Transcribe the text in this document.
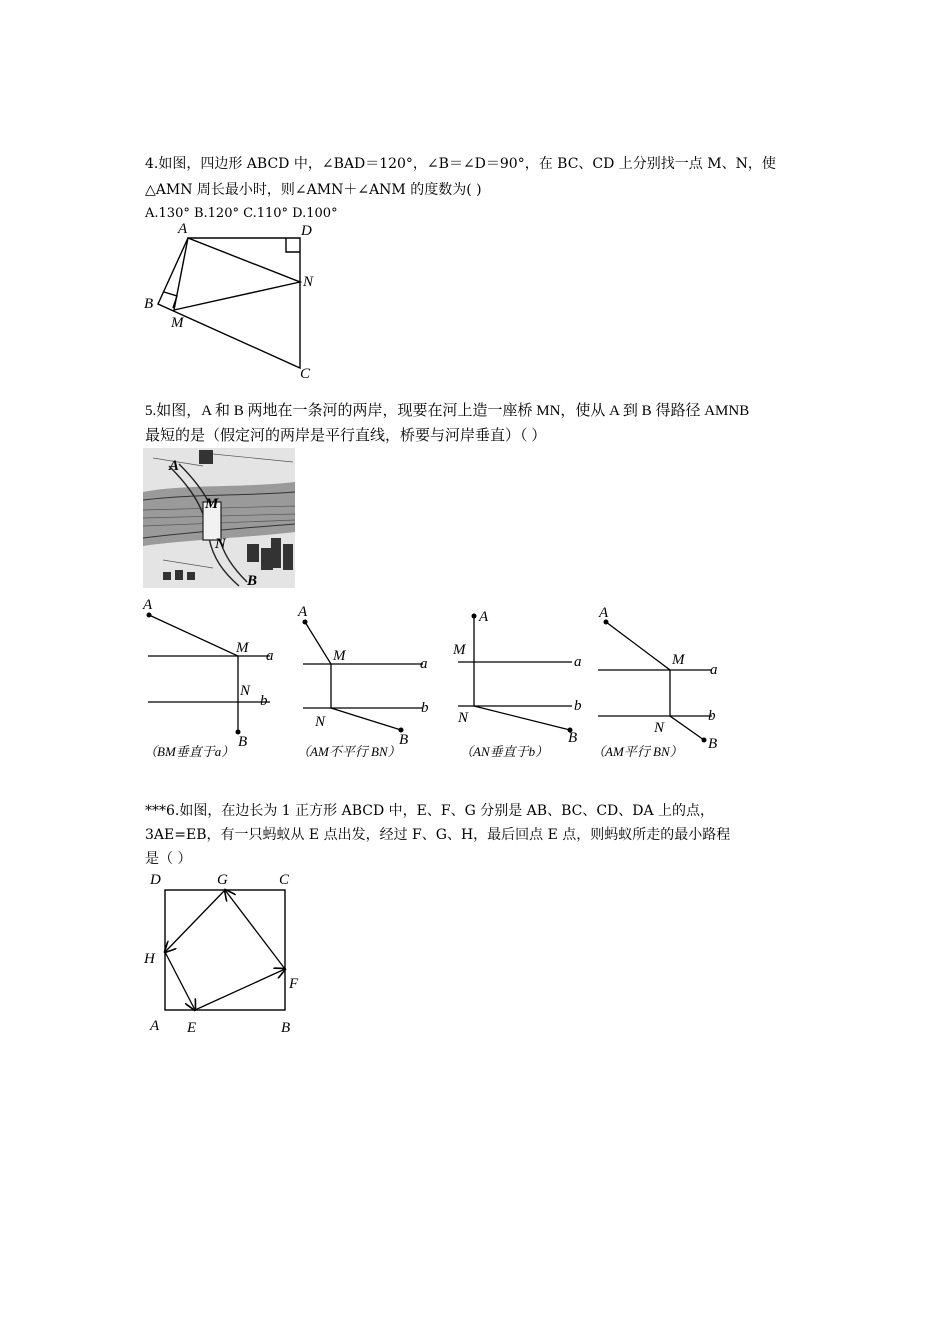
4.如图，四边形 ABCD 中，∠BAD＝120°，∠B＝∠D＝90°，在 BC、CD 上分别找一点 M、N，使
△AMN 周长最小时，则∠AMN＋∠ANM 的度数为( )
A.130° B.120° C.110° D.100°
A	D
N
B
M
C
5.如图，A 和 B 两地在一条河的两岸，现要在河上造一座桥 MN，使从 A 到 B 得路径 AMNB
最短的是（假定河的两岸是平行直线，桥要与河岸垂直）（ ）
A
M
N
B
A
M a
N
b
B
（BM垂直于a）
A
M	a
N
b
B
（AM不平行 BN）
A
M
a
N
b
B
（AN垂直于b）
A
M
a
N
b
B
（AM平行 BN）
***6.如图，在边长为 1 正方形 ABCD 中，E、F、G 分别是 AB、BC、CD、DA 上的点，
3AE=EB，有一只蚂蚁从 E 点出发，经过 F、G、H，最后回点 E 点，则蚂蚁所走的最小路程
是（ ）
D	G	C
H
F
A E	B
